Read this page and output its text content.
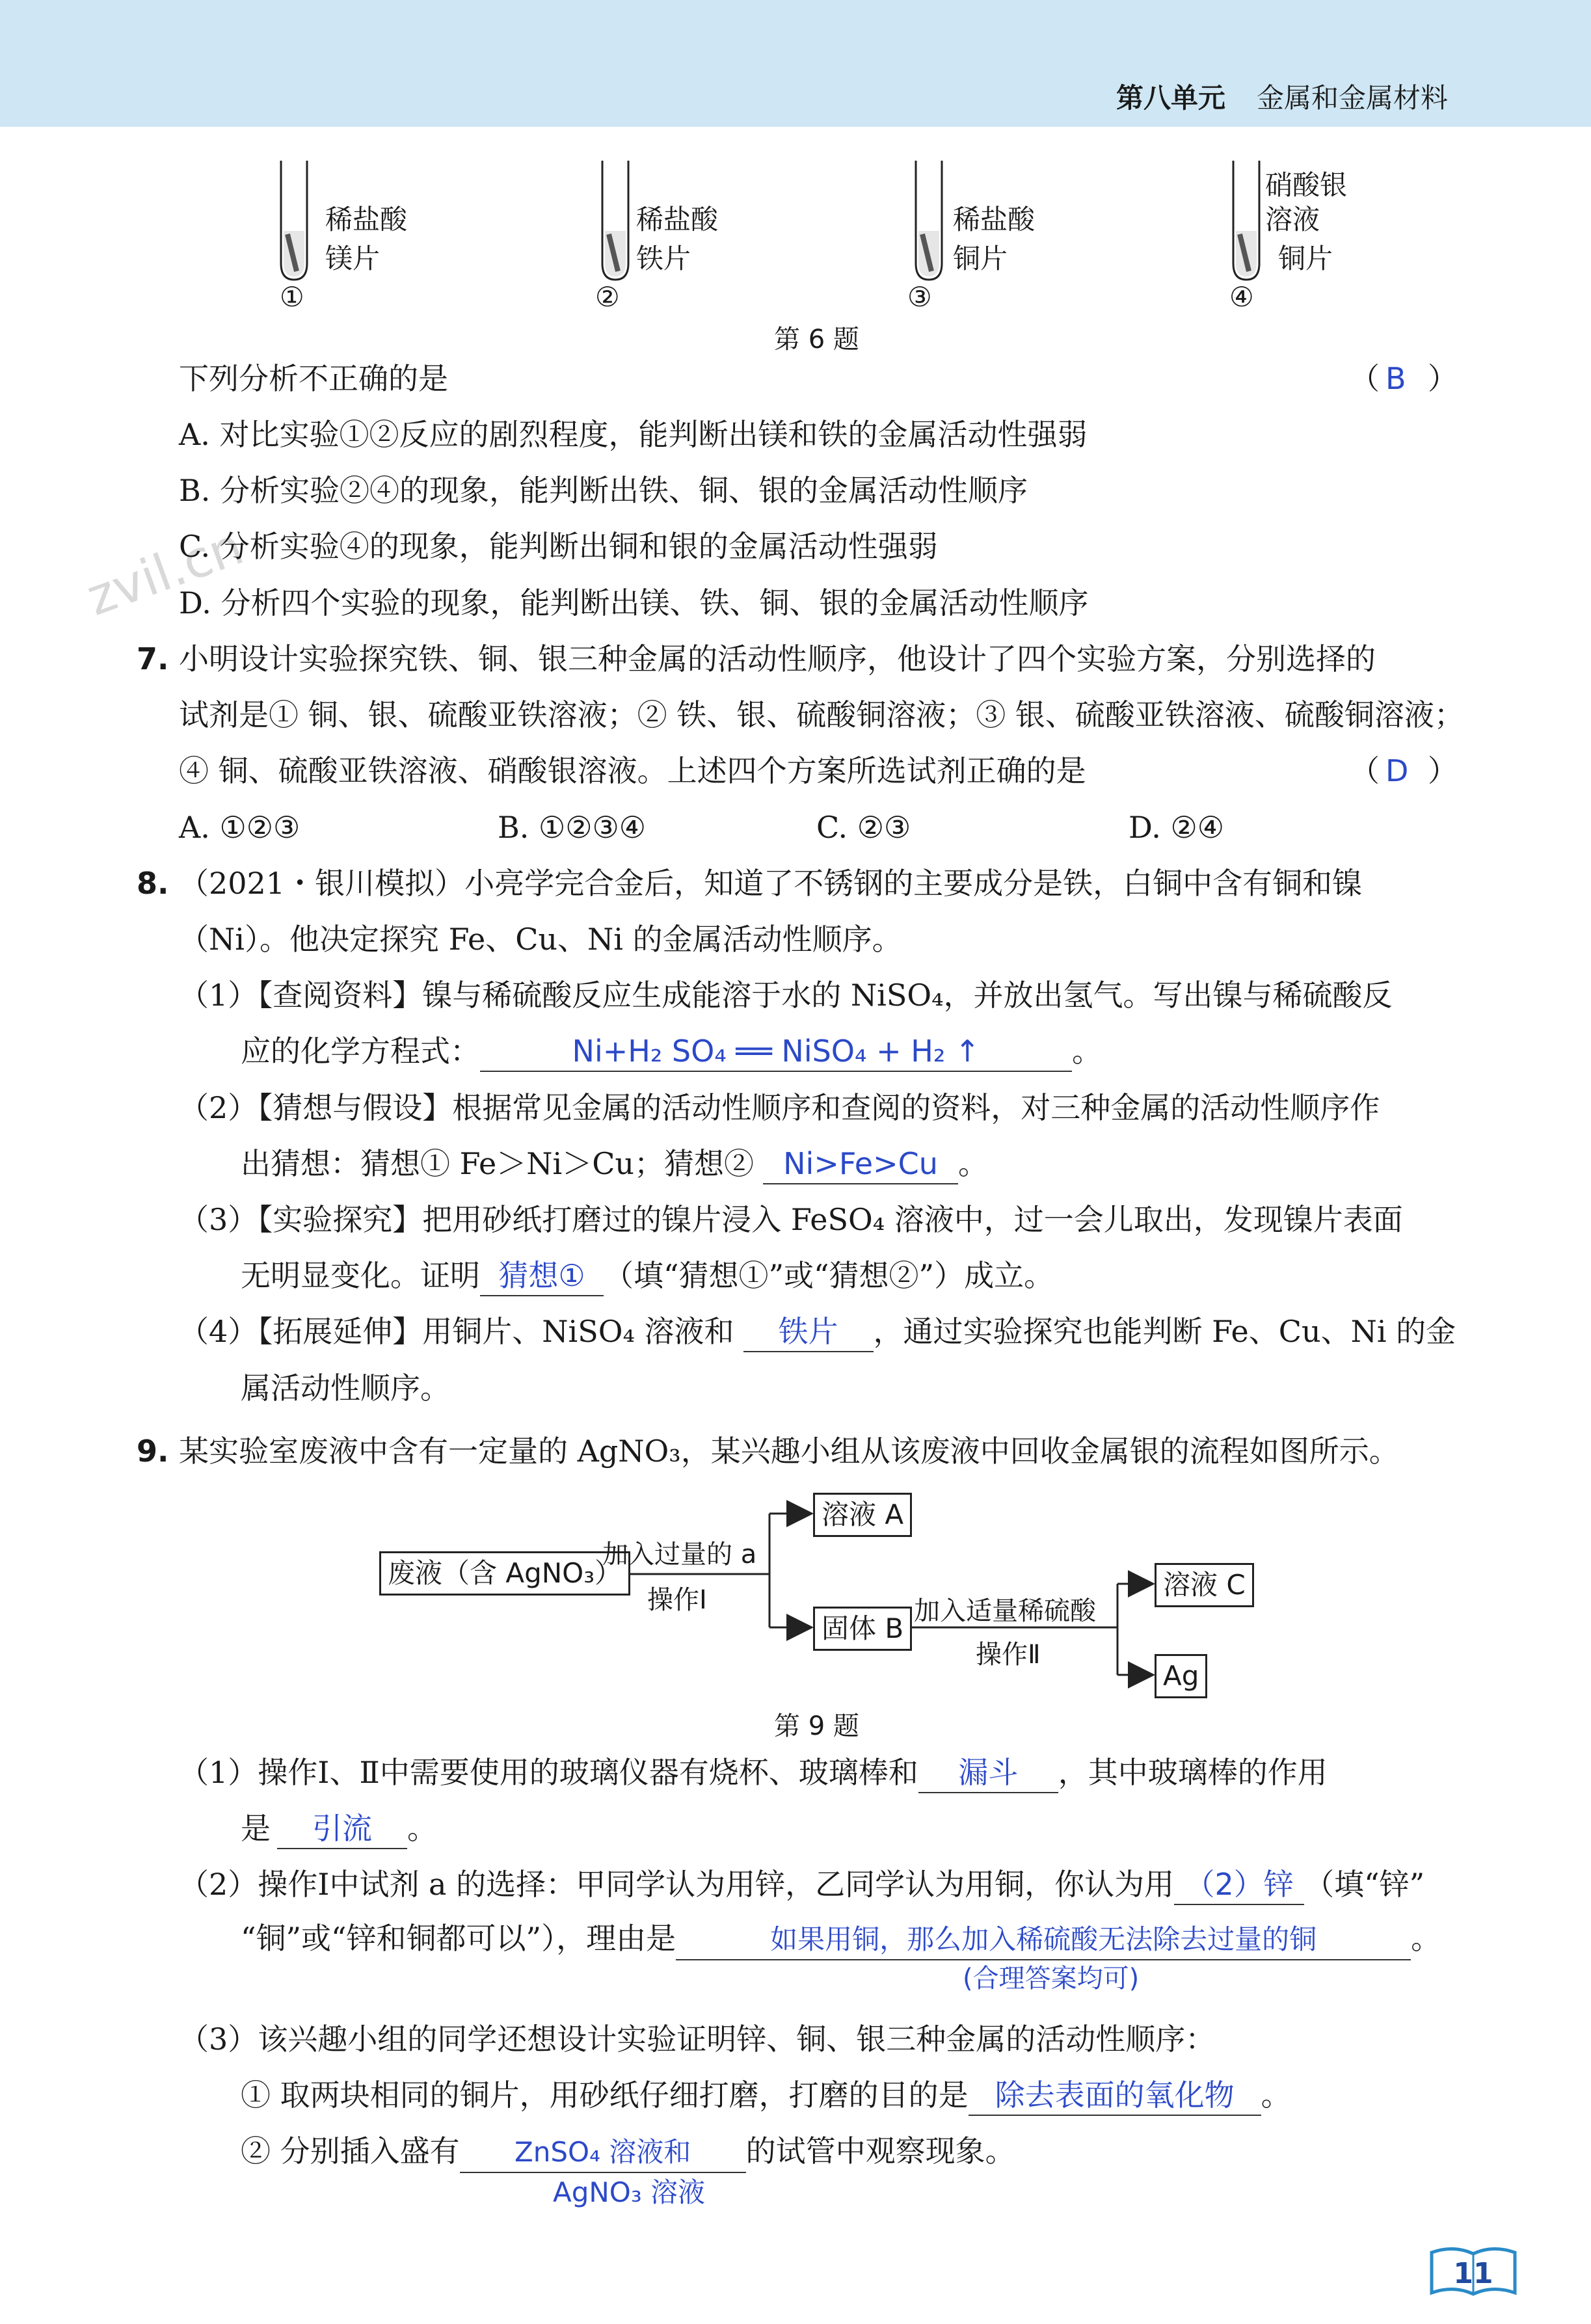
第八单元 金属和金属材料
稀盐酸
镁片
①
稀盐酸
铁片
②
稀盐酸
铜片
③
硝酸银
溶液
铜片
④
第 6 题
zvil.cn
下列分析不正确的是	（ B ）
A. 对比实验①②反应的剧烈程度，能判断出镁和铁的金属活动性强弱
B. 分析实验②④的现象，能判断出铁、铜、银的金属活动性顺序
C. 分析实验④的现象，能判断出铜和银的金属活动性强弱
D. 分析四个实验的现象，能判断出镁、铁、铜、银的金属活动性顺序
7. 小明设计实验探究铁、铜、银三种金属的活动性顺序，他设计了四个实验方案，分别选择的
试剂是① 铜、银、硫酸亚铁溶液；② 铁、银、硫酸铜溶液；③ 银、硫酸亚铁溶液、硫酸铜溶液；
④ 铜、硫酸亚铁溶液、硝酸银溶液。上述四个方案所选试剂正确的是	（ D ）
A. ①②③	B. ①②③④	C. ②③	D. ②④
8. （2021・银川模拟）小亮学完合金后，知道了不锈钢的主要成分是铁，白铜中含有铜和镍
（Ni）。他决定探究 Fe、Cu、Ni 的金属活动性顺序。
（1）【查阅资料】镍与稀硫酸反应生成能溶于水的 NiSO₄，并放出氢气。写出镍与稀硫酸反
应的化学方程式：	Ni+H₂ SO₄ ══ NiSO₄ + H₂ ↑	。
（2）【猜想与假设】根据常见金属的活动性顺序和查阅的资料，对三种金属的活动性顺序作
出猜想：猜想① Fe＞Ni＞Cu；猜想② Ni>Fe>Cu 。
（3）【实验探究】把用砂纸打磨过的镍片浸入 FeSO₄ 溶液中，过一会儿取出，发现镍片表面
无明显变化。证明 猜想① （填“猜想①”或“猜想②”）成立。
（4）【拓展延伸】用铜片、NiSO₄ 溶液和 铁片 ，通过实验探究也能判断 Fe、Cu、Ni 的金
属活动性顺序。
9. 某实验室废液中含有一定量的 AgNO₃，某兴趣小组从该废液中回收金属银的流程如图所示。
废液（含 AgNO₃）
加入过量的 a
操作Ⅰ
溶液 A
固体 B
加入适量稀硫酸
操作Ⅱ
溶液 C
Ag
第 9 题
（1）操作Ⅰ、Ⅱ中需要使用的玻璃仪器有烧杯、玻璃棒和 漏斗 ，其中玻璃棒的作用
是 引流 。
（2）操作Ⅰ中试剂 a 的选择：甲同学认为用锌，乙同学认为用铜，你认为用 （2）锌 （填“锌”
“铜”或“锌和铜都可以”），理由是	如果用铜，那么加入稀硫酸无法除去过量的铜	。
(合理答案均可)
（3）该兴趣小组的同学还想设计实验证明锌、铜、银三种金属的活动性顺序：
① 取两块相同的铜片，用砂纸仔细打磨，打磨的目的是 除去表面的氧化物 。
② 分别插入盛有 ZnSO₄ 溶液和 的试管中观察现象。
AgNO₃ 溶液
11
